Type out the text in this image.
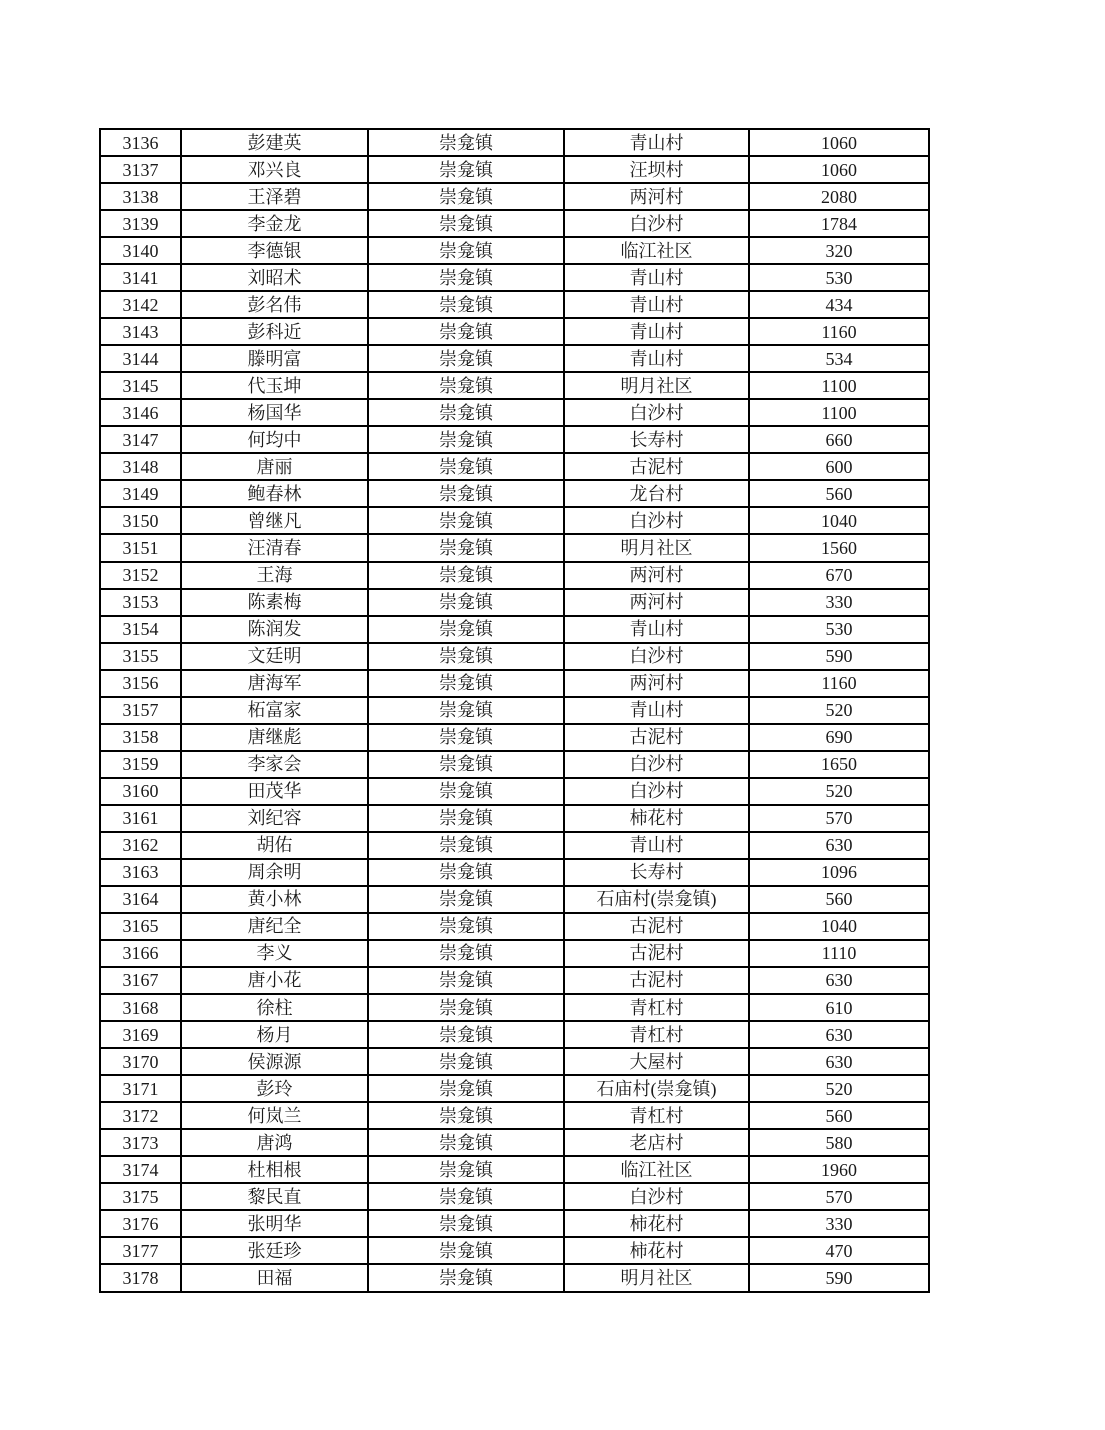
3136	彭建英	崇龛镇	青山村	1060
3137	邓兴良	崇龛镇	汪坝村	1060
3138	王泽碧	崇龛镇	两河村	2080
3139	李金龙	崇龛镇	白沙村	1784
3140	李德银	崇龛镇	临江社区	320
3141	刘昭术	崇龛镇	青山村	530
3142	彭名伟	崇龛镇	青山村	434
3143	彭科近	崇龛镇	青山村	1160
3144	滕明富	崇龛镇	青山村	534
3145	代玉坤	崇龛镇	明月社区	1100
3146	杨国华	崇龛镇	白沙村	1100
3147	何均中	崇龛镇	长寿村	660
3148	唐丽	崇龛镇	古泥村	600
3149	鲍春林	崇龛镇	龙台村	560
3150	曾继凡	崇龛镇	白沙村	1040
3151	汪清春	崇龛镇	明月社区	1560
3152	王海	崇龛镇	两河村	670
3153	陈素梅	崇龛镇	两河村	330
3154	陈润发	崇龛镇	青山村	530
3155	文廷明	崇龛镇	白沙村	590
3156	唐海军	崇龛镇	两河村	1160
3157	柘富家	崇龛镇	青山村	520
3158	唐继彪	崇龛镇	古泥村	690
3159	李家会	崇龛镇	白沙村	1650
3160	田茂华	崇龛镇	白沙村	520
3161	刘纪容	崇龛镇	柿花村	570
3162	胡佑	崇龛镇	青山村	630
3163	周余明	崇龛镇	长寿村	1096
3164	黄小林	崇龛镇	石庙村(崇龛镇)	560
3165	唐纪全	崇龛镇	古泥村	1040
3166	李义	崇龛镇	古泥村	1110
3167	唐小花	崇龛镇	古泥村	630
3168	徐柱	崇龛镇	青杠村	610
3169	杨月	崇龛镇	青杠村	630
3170	侯源源	崇龛镇	大屋村	630
3171	彭玲	崇龛镇	石庙村(崇龛镇)	520
3172	何岚兰	崇龛镇	青杠村	560
3173	唐鸿	崇龛镇	老店村	580
3174	杜相根	崇龛镇	临江社区	1960
3175	黎民直	崇龛镇	白沙村	570
3176	张明华	崇龛镇	柿花村	330
3177	张廷珍	崇龛镇	柿花村	470
3178	田福	崇龛镇	明月社区	590
